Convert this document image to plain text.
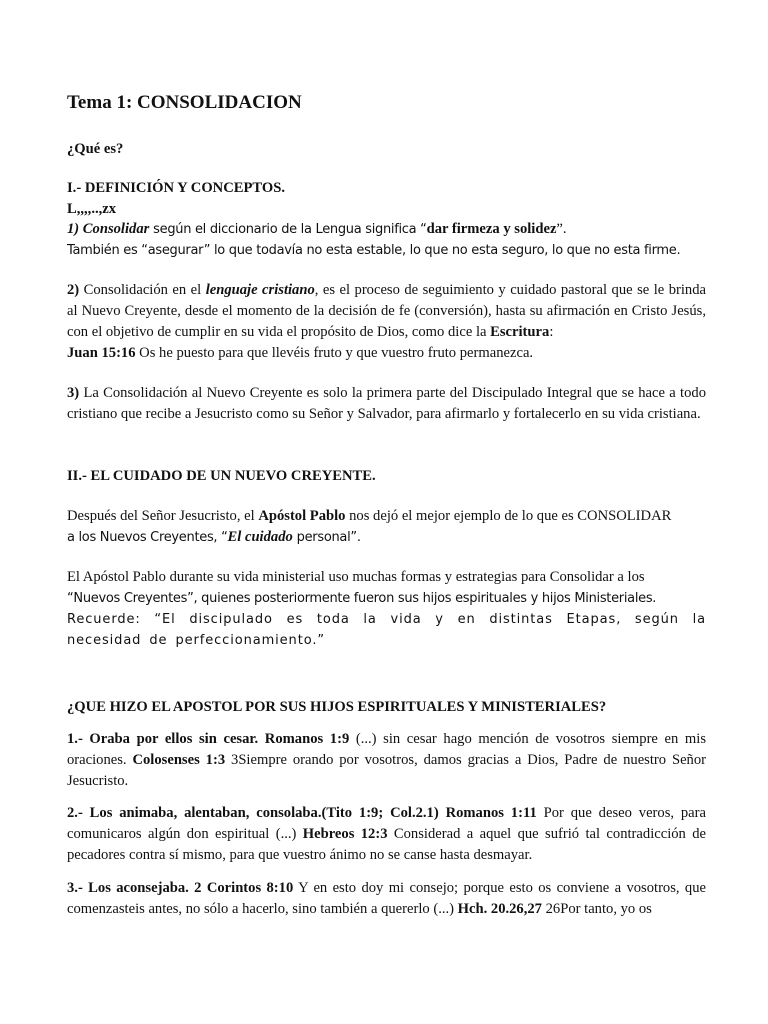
Tema 1: CONSOLIDACION

¿Qué es?

I.- DEFINICIÓN Y CONCEPTOS.

L,,,,..,zx

1) Consolidar según el diccionario de la Lengua significa “dar firmeza y solidez”.

También es “asegurar” lo que todavía no esta estable, lo que no esta seguro, lo que no esta firme.

2) Consolidación en el lenguaje cristiano, es el proceso de seguimiento y cuidado pastoral que se le brinda al Nuevo Creyente, desde el momento de la decisión de fe (conversión), hasta su afirmación en Cristo Jesús, con el objetivo de cumplir en su vida el propósito de Dios, como dice la Escritura:

Juan 15:16 Os he puesto para que llevéis fruto y que vuestro fruto permanezca.

3) La Consolidación al Nuevo Creyente es solo la primera parte del Discipulado Integral que se hace a todo cristiano que recibe a Jesucristo como su Señor y Salvador, para afirmarlo y fortalecerlo en su vida cristiana.

II.- EL CUIDADO DE UN NUEVO CREYENTE.

Después del Señor Jesucristo, el Apóstol Pablo nos dejó el mejor ejemplo de lo que es CONSOLIDAR

a los Nuevos Creyentes, “El cuidado personal”.

El Apóstol Pablo durante su vida ministerial uso muchas formas y estrategias para Consolidar a los

“Nuevos Creyentes”, quienes posteriormente fueron sus hijos espirituales y hijos Ministeriales.

Recuerde: “El discipulado es toda la vida y en distintas Etapas, según la necesidad de perfeccionamiento.”

¿QUE HIZO EL APOSTOL POR SUS HIJOS ESPIRITUALES Y MINISTERIALES?

1.- Oraba por ellos sin cesar. Romanos 1:9 (...) sin cesar hago mención de vosotros siempre en mis oraciones. Colosenses 1:3 3Siempre orando por vosotros, damos gracias a Dios, Padre de nuestro Señor Jesucristo.

2.- Los animaba, alentaban, consolaba.(Tito 1:9; Col.2.1) Romanos 1:11 Por que deseo veros, para comunicaros algún don espiritual (...) Hebreos 12:3 Considerad a aquel que sufrió tal contradicción de pecadores contra sí mismo, para que vuestro ánimo no se canse hasta desmayar.

3.- Los aconsejaba. 2 Corintos 8:10 Y en esto doy mi consejo; porque esto os conviene a vosotros, que comenzasteis antes, no sólo a hacerlo, sino también a quererlo (...) Hch. 20.26,27 26Por tanto, yo os
